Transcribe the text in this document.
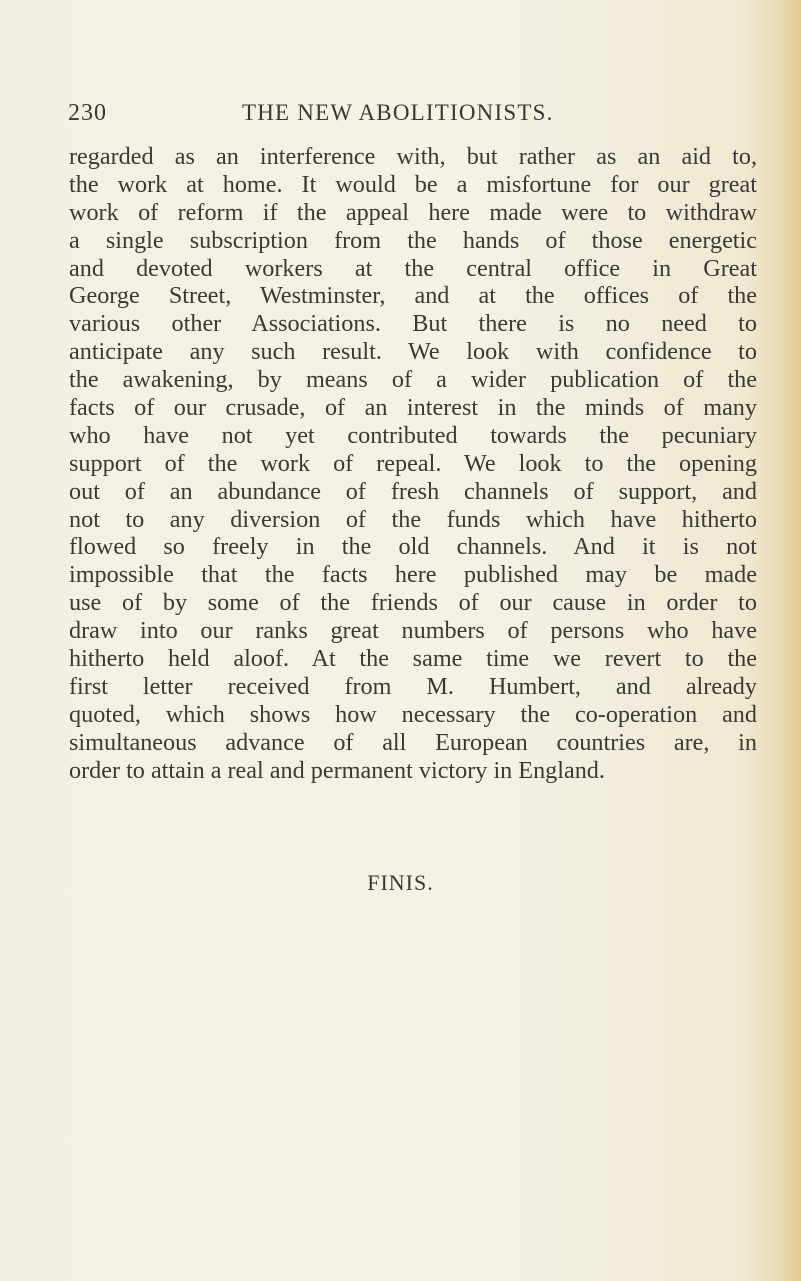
230	THE NEW ABOLITIONISTS.
regarded as an interference with, but rather as an aid to,
the work at home. It would be a misfortune for our great
work of reform if the appeal here made were to withdraw
a single subscription from the hands of those energetic
and devoted workers at the central office in Great
George Street, Westminster, and at the offices of the
various other Associations. But there is no need to
anticipate any such result. We look with confidence to
the awakening, by means of a wider publication of the
facts of our crusade, of an interest in the minds of many
who have not yet contributed towards the pecuniary
support of the work of repeal. We look to the opening
out of an abundance of fresh channels of support, and
not to any diversion of the funds which have hitherto
flowed so freely in the old channels. And it is not
impossible that the facts here published may be made
use of by some of the friends of our cause in order to
draw into our ranks great numbers of persons who have
hitherto held aloof. At the same time we revert to the
first letter received from M. Humbert, and already
quoted, which shows how necessary the co-operation and
simultaneous advance of all European countries are, in
order to attain a real and permanent victory in England.
FINIS.
